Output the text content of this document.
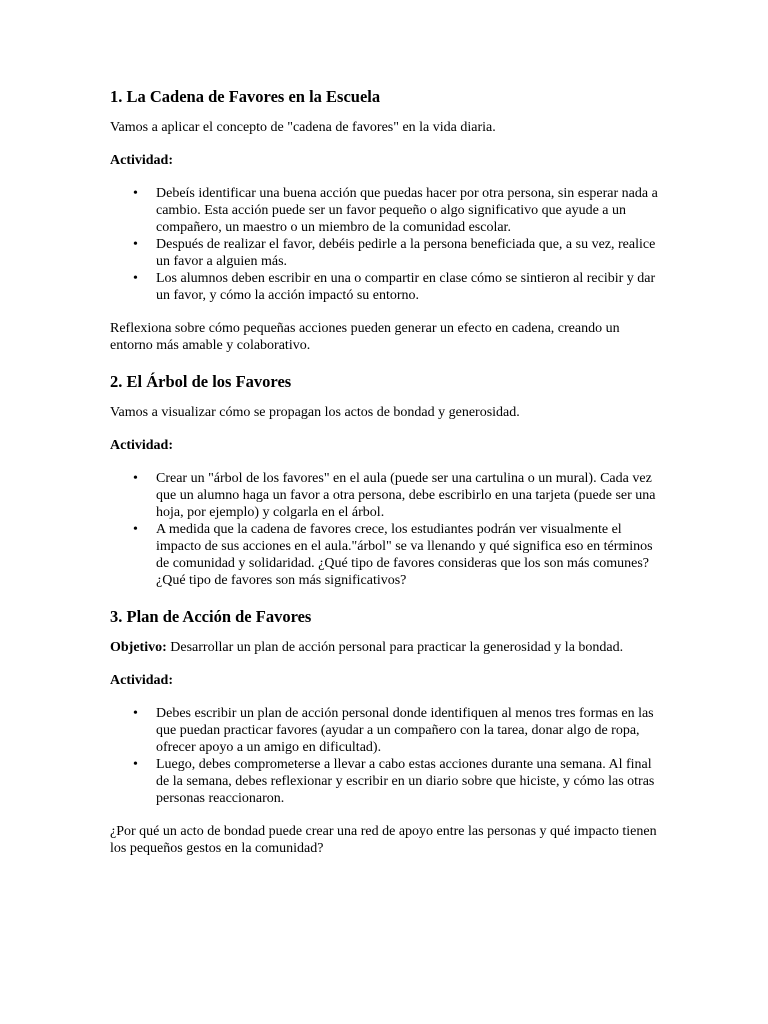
1. La Cadena de Favores en la Escuela

Vamos a aplicar el concepto de "cadena de favores" en la vida diaria.

Actividad:

• Debeís identificar una buena acción que puedas hacer por otra persona, sin esperar nada a cambio. Esta acción puede ser un favor pequeño o algo significativo que ayude a un compañero, un maestro o un miembro de la comunidad escolar.
• Después de realizar el favor, debéis pedirle a la persona beneficiada que, a su vez, realice un favor a alguien más.
• Los alumnos deben escribir en una o compartir en clase cómo se sintieron al recibir y dar un favor, y cómo la acción impactó su entorno.

Reflexiona sobre cómo pequeñas acciones pueden generar un efecto en cadena, creando un entorno más amable y colaborativo.

2. El Árbol de los Favores

Vamos a visualizar cómo se propagan los actos de bondad y generosidad.

Actividad:

• Crear un "árbol de los favores" en el aula (puede ser una cartulina o un mural). Cada vez que un alumno haga un favor a otra persona, debe escribirlo en una tarjeta (puede ser una hoja, por ejemplo) y colgarla en el árbol.
• A medida que la cadena de favores crece, los estudiantes podrán ver visualmente el impacto de sus acciones en el aula."árbol" se va llenando y qué significa eso en términos de comunidad y solidaridad. ¿Qué tipo de favores consideras que los son más comunes? ¿Qué tipo de favores son más significativos?
3. Plan de Acción de Favores

Objetivo: Desarrollar un plan de acción personal para practicar la generosidad y la bondad.

Actividad:

• Debes escribir un plan de acción personal donde identifiquen al menos tres formas en las que puedan practicar favores (ayudar a un compañero con la tarea, donar algo de ropa, ofrecer apoyo a un amigo en dificultad).
• Luego, debes comprometerse a llevar a cabo estas acciones durante una semana. Al final de la semana, debes reflexionar y escribir en un diario sobre que hiciste, y cómo las otras personas reaccionaron.

¿Por qué un acto de bondad puede crear una red de apoyo entre las personas y qué impacto tienen los pequeños gestos en la comunidad?
